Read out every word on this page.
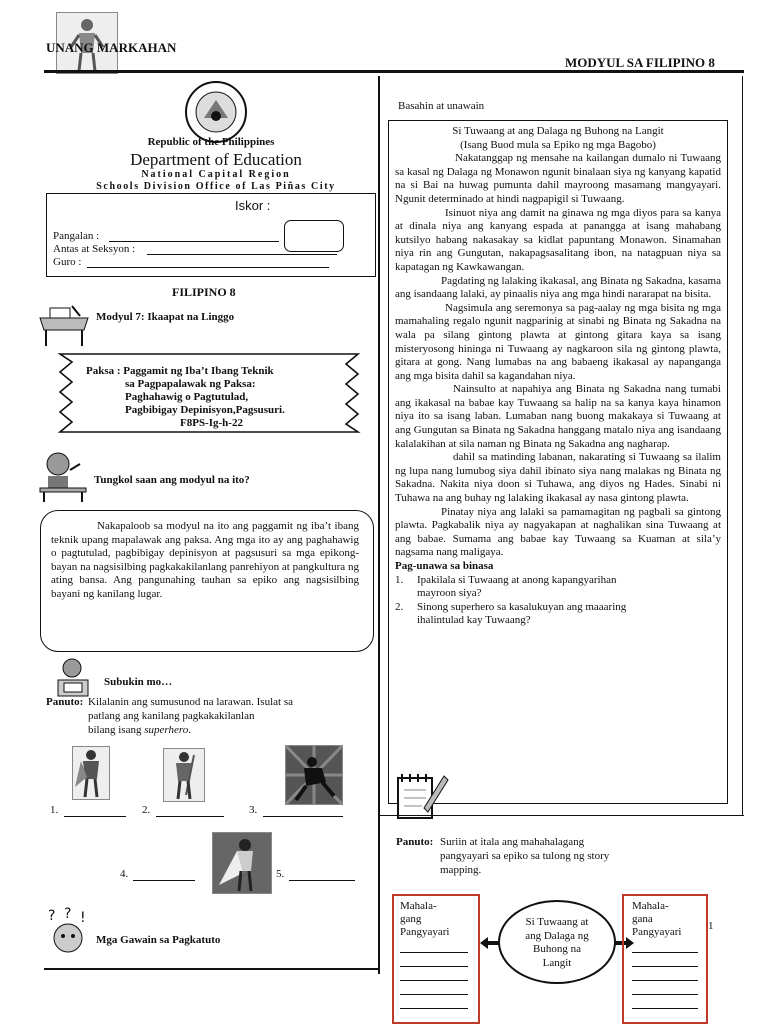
UNANG MARKAHAN
MODYUL SA FILIPINO 8
Republic of the Philippines
Department of Education
National Capital Region
Schools Division Office of Las Piñas City
Iskor :
Pangalan :
Antas at Seksyon :
Guro :
FILIPINO 8
Modyul 7: Ikaapat na Linggo
Paksa : Paggamit ng Iba’t Ibang Teknik
sa Pagpapalawak ng Paksa:
Paghahawig o Pagtutulad,
Pagbibigay Depinisyon,Pagsusuri.
F8PS-Ig-h-22
Tungkol saan ang modyul na ito?
Nakapaloob sa modyul na ito ang paggamit ng iba’t ibang teknik upang mapalawak ang paksa. Ang mga ito ay ang paghahawig o pagtutulad, pagbibigay depinisyon at pagsusuri sa mga epikong-bayan na nagsisilbing pagkakakilanlang panrehiyon at pangkultura ng ating bansa. Ang pangunahing tauhan sa epiko ang nagsisilbing bayani ng kanilang lugar.
Subukin mo…
Panuto: Kilalanin ang sumusunod na larawan. Isulat sa
patlang ang kanilang pagkakakilanlan
bilang isang superhero.
1.	2.	3.
4.	5.
? ? !
Mga Gawain sa Pagkatuto
Basahin at unawain

Si Tuwaang at ang Dalaga ng Buhong na Langit

(Isang Buod mula sa Epiko ng mga Bagobo)

Nakatanggap ng mensahe na kailangan dumalo ni Tuwaang sa kasal ng Dalaga ng Monawon ngunit binalaan siya ng kanyang kapatid na si Bai na huwag pumunta dahil mayroong masamang mangyayari. Ngunit determinado at hindi nagpapigil si Tuwaang.

Isinuot niya ang damit na ginawa ng mga diyos para sa kanya at dinala niya ang kanyang espada at panangga at isang mahabang kutsilyo habang nakasakay sa kidlat papuntang Monawon. Sinamahan niya rin ang Gungutan, nakapagsasalitang ibon, na natagpuan niya sa kapatagan ng Kawkawangan.

Pagdating ng lalaking ikakasal, ang Binata ng Sakadna, kasama ang isandaang lalaki, ay pinaalis niya ang mga hindi nararapat na bisita.

Nagsimula ang seremonya sa pag-aalay ng mga bisita ng mga mamahaling regalo ngunit nagparinig at sinabi ng Binata ng Sakadna na wala pa silang gintong plawta at gintong gitara kaya sa isang misteryosong hininga ni Tuwaang ay nagkaroon sila ng gintong plawta, gitara at gong. Nang lumabas na ang babaeng ikakasal ay napanganga ang mga bisita dahil sa kagandahan niya.

Nainsulto at napahiya ang Binata ng Sakadna nang tumabi ang ikakasal na babae kay Tuwaang sa halip na sa kanya kaya hinamon niya ito sa isang laban. Lumaban nang buong makakaya si Tuwaang at ang Gungutan sa Binata ng Sakadna hanggang matalo niya ang isandaang kalalakihan at sila naman ng Binata ng Sakadna ang nagharap.

dahil sa matinding labanan, nakarating si Tuwaang sa ilalim ng lupa nang lumubog siya dahil ibinato siya nang malakas ng Binata ng Sakadna. Nakita niya doon si Tuhawa, ang diyos ng Hades. Sinabi ni Tuhawa na ang buhay ng lalaking ikakasal ay nasa gintong plawta.

Pinatay niya ang lalaki sa pamamagitan ng pagbali sa gintong plawta. Pagkabalik niya ay nagyakapan at naghalikan sina Tuwaang at ang babae. Sumama ang babae kay Tuwaang sa Kuaman at sila’y nagsama nang maligaya.

Pag-unawa sa binasa

1. Ipakilala si Tuwaang at anong kapangyarihan
mayroon siya?
2. Sinong superhero sa kasalukuyan ang maaaring
ihalintulad kay Tuwaang?
Panuto: Suriin at itala ang mahahalagang
pangyayari sa epiko sa tulong ng story
mapping.
Mahala-
gang
Pangyayari
Si Tuwaang at
ang Dalaga ng
Buhong na
Langit
Mahala-
gana
Pangyayari 1
